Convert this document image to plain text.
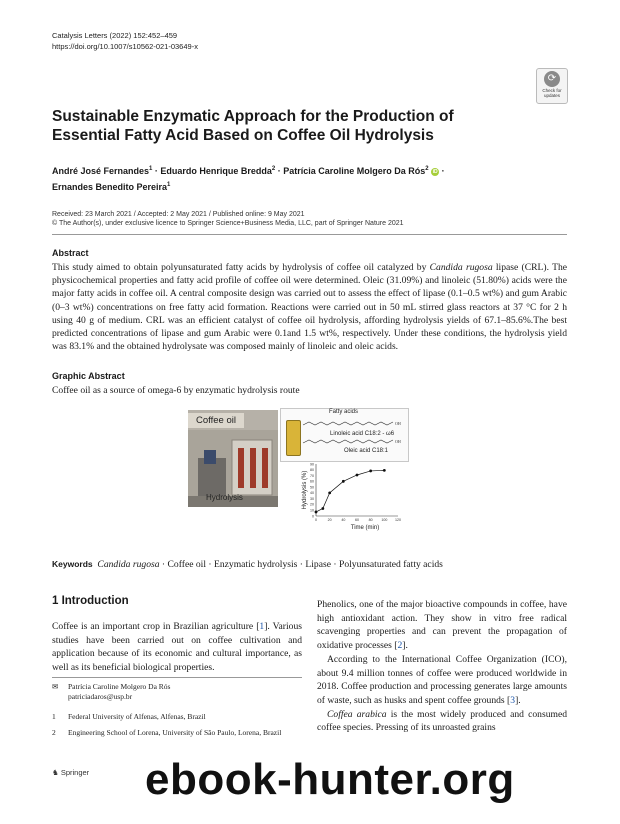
Catalysis Letters (2022) 152:452–459
https://doi.org/10.1007/s10562-021-03649-x
⟳
Check for
updates
Sustainable Enzymatic Approach for the Production of Essential Fatty Acid Based on Coffee Oil Hydrolysis
André José Fernandes$^1$ · Eduardo Henrique Bredda$^2$ · Patrícia Caroline Molgero Da Rós$^2$ iD ·
Ernandes Benedito Pereira$^1$
Received: 23 March 2021 / Accepted: 2 May 2021 / Published online: 9 May 2021
© The Author(s), under exclusive licence to Springer Science+Business Media, LLC, part of Springer Nature 2021
Abstract
This study aimed to obtain polyunsaturated fatty acids by hydrolysis of coffee oil catalyzed by Candida rugosa lipase (CRL). The physicochemical properties and fatty acid profile of coffee oil were determined. Oleic (31.09%) and linoleic (51.80%) acids were the major fatty acids in coffee oil. A central composite design was carried out to assess the effect of lipase (0.1–0.5 wt%) and gum Arabic (0–3 wt%) concentrations on free fatty acid formation. Reactions were carried out in 50 mL stirred glass reactors at 37 °C for 2 h using 40 g of medium. CRL was an efficient catalyst of coffee oil hydrolysis, affording hydrolysis yields of 67.1–85.6%.The best predicted concentrations of lipase and gum Arabic were 0.1and 1.5 wt%, respectively. Under these conditions, the hydrolysis yield was 83.1% and the obtained hydrolysate was composed mainly of linoleic and oleic acids.
Graphic Abstract
Coffee oil as a source of omega-6 by enzymatic hydrolysis route
Coffee oil
Hydrolysis
OH
OH
Fatty acids
Linoleic acid C18:2 - ω6
Oleic acid C18:1
0
10
20
30
40
50
60
70
80
90
0	20	40	60	80 100 120
Hydrolysis (%)
Time (min)
Keywords Candida rugosa · Coffee oil · Enzymatic hydrolysis · Lipase · Polyunsaturated fatty acids
1 Introduction

Coffee is an important crop in Brazilian agriculture [1]. Various studies have been carried out on coffee cultivation and application because of its economic and cultural importance, as well as its beneficial biological properties.

✉ Patrícia Caroline Molgero Da Rós
patriciadaros@usp.br
1 Federal University of Alfenas, Alfenas, Brazil
2 Engineering School of Lorena, University of São Paulo, Lorena, Brazil

Phenolics, one of the major bioactive compounds in coffee, have high antioxidant action. They show in vitro free radical scavenging properties and can prevent the propagation of oxidative processes [2].

According to the International Coffee Organization (ICO), about 9.4 million tonnes of coffee were produced worldwide in 2018. Coffee production and processing generates large amounts of waste, such as husks and spent coffee grounds [3].

Coffea arabica is the most widely produced and consumed coffee species. Pressing of its unroasted grains

♞ Springer ebook-hunter.org
